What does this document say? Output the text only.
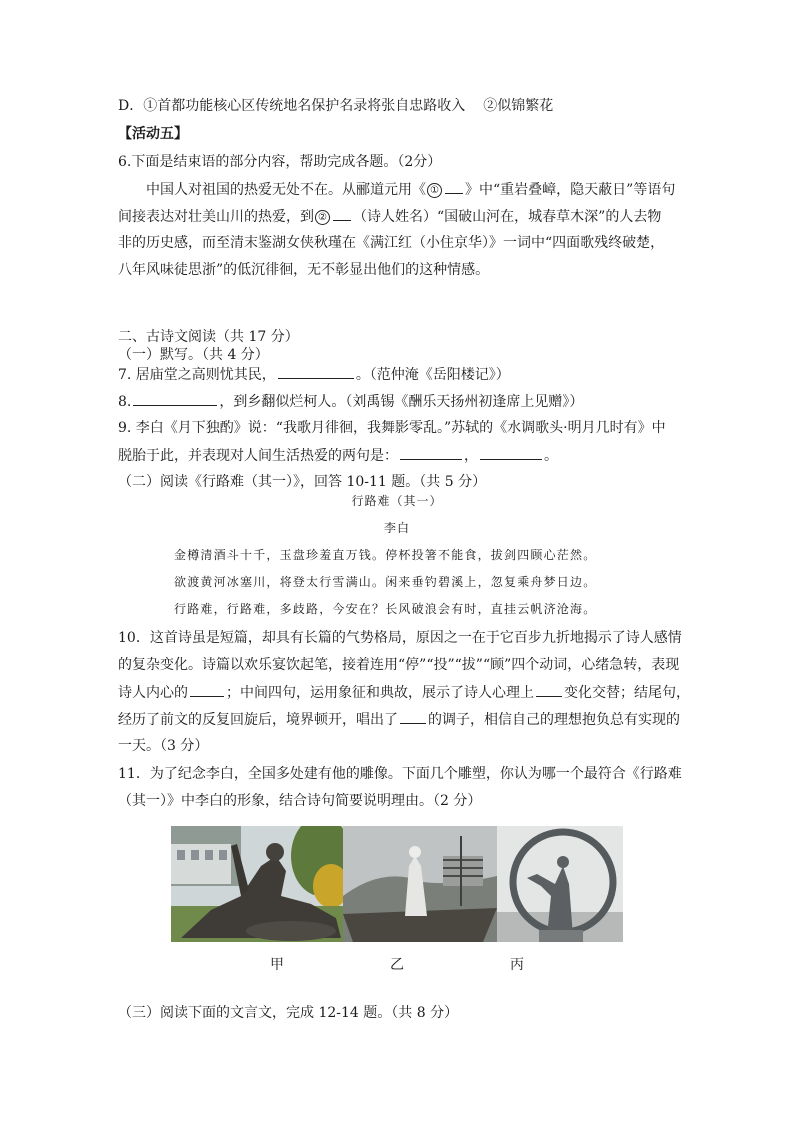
D．①首都功能核心区传统地名保护名录将张自忠路收入 ②似锦繁花
【活动五】
6.下面是结束语的部分内容，帮助完成各题。（2分）
中国人对祖国的热爱无处不在。从郦道元用《 ① 》中“重岩叠嶂，隐天蔽日”等语句
间接表达对壮美山川的热爱，到 ② （诗人姓名）“国破山河在，城春草木深”的人去物
非的历史感，而至清末鉴湖女侠秋瑾在《满江红（小住京华）》一词中“四面歌残终破楚，
八年风味徒思浙”的低沉徘徊，无不彰显出他们的这种情感。
二、古诗文阅读（共 17 分）
（一）默写。（共 4 分）
7. 居庙堂之高则忧其民，	。（范仲淹《岳阳楼记》）
8.	，到乡翻似烂柯人。（刘禹锡《酬乐天扬州初逢席上见赠》）
9. 李白《月下独酌》说：“我歌月徘徊，我舞影零乱。”苏轼的《水调歌头·明月几时有》中
脱胎于此，并表现对人间生活热爱的两句是：	，	。
（二）阅读《行路难（其一）》，回答 10-11 题。（共 5 分）
行路难（其一）
李白
金樽清酒斗十千，玉盘珍羞直万钱。停杯投箸不能食，拔剑四顾心茫然。
欲渡黄河冰塞川，将登太行雪满山。闲来垂钓碧溪上，忽复乘舟梦日边。
行路难，行路难，多歧路，今安在？长风破浪会有时，直挂云帆济沧海。
10．这首诗虽是短篇，却具有长篇的气势格局，原因之一在于它百步九折地揭示了诗人感情
的复杂变化。诗篇以欢乐宴饮起笔，接着连用“停”“投”“拔”“顾”四个动词，心绪急转，表现
诗人内心的	；中间四句，运用象征和典故，展示了诗人心理上 变化交替；结尾句，
经历了前文的反复回旋后，境界顿开，唱出了 的调子，相信自己的理想抱负总有实现的
一天。（3 分）
11．为了纪念李白，全国多处建有他的雕像。下面几个雕塑，你认为哪一个最符合《行路难
（其一）》中李白的形象，结合诗句简要说明理由。（2 分）
甲	乙	丙
（三）阅读下面的文言文，完成 12-14 题。（共 8 分）
